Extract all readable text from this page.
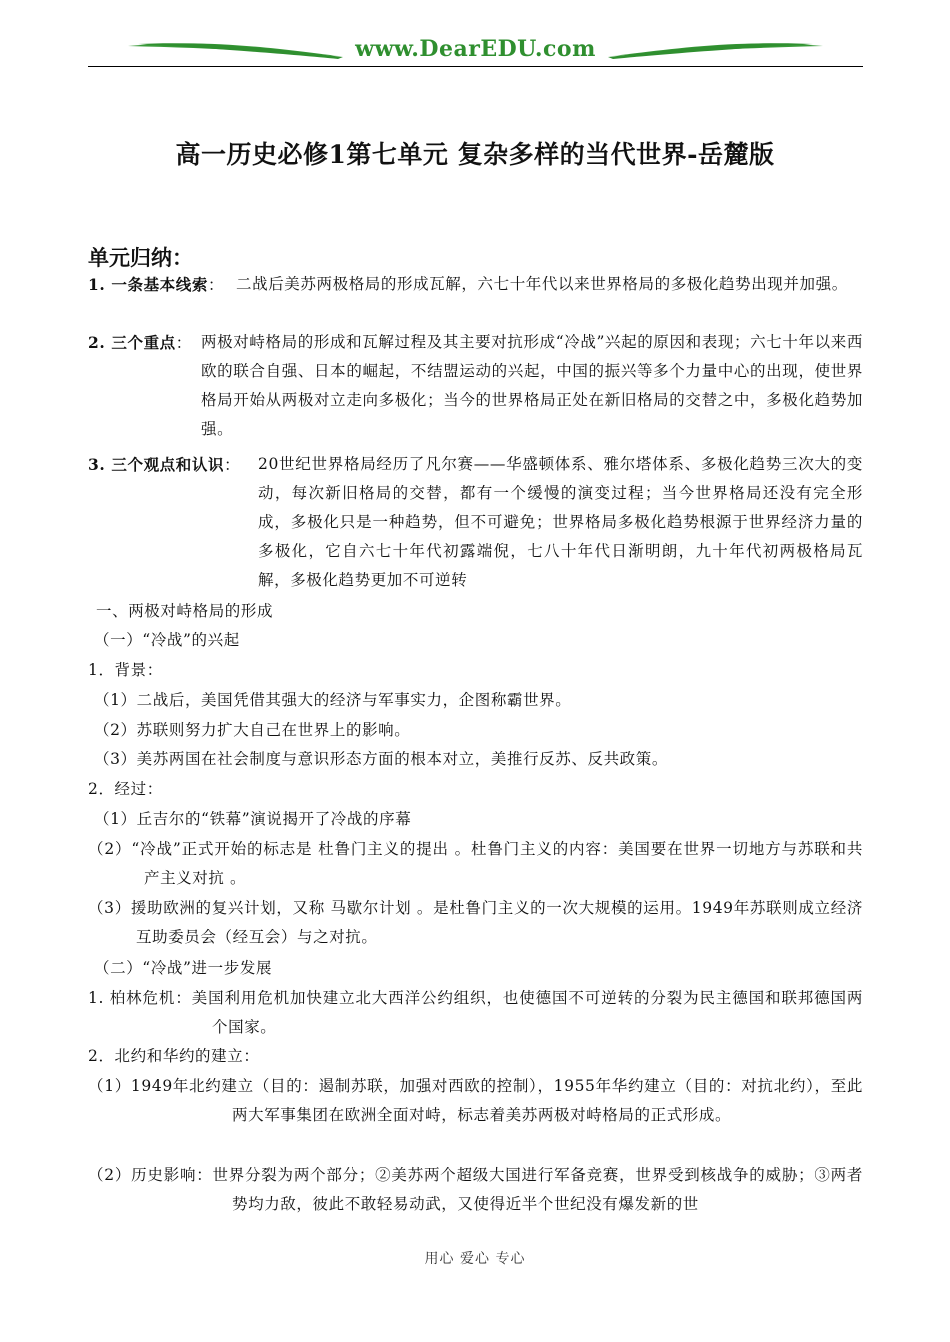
www.DearEDU.com
高一历史必修1第七单元 复杂多样的当代世界-岳麓版
单元归纳：
1. 一条基本线索： 二战后美苏两极格局的形成瓦解，六七十年代以来世界格局的多极化趋势出现并加强。
2. 三个重点： 两极对峙格局的形成和瓦解过程及其主要对抗形成“冷战”兴起的原因和表现；六七十年以来西欧的联合自强、日本的崛起，不结盟运动的兴起，中国的振兴等多个力量中心的出现，使世界格局开始从两极对立走向多极化；当今的世界格局正处在新旧格局的交替之中，多极化趋势加强。
3. 三个观点和认识： 20世纪世界格局经历了凡尔赛——华盛顿体系、雅尔塔体系、多极化趋势三次大的变动，每次新旧格局的交替，都有一个缓慢的演变过程；当今世界格局还没有完全形成，多极化只是一种趋势，但不可避免；世界格局多极化趋势根源于世界经济力量的多极化，它自六七十年代初露端倪，七八十年代日渐明朗，九十年代初两极格局瓦解，多极化趋势更加不可逆转
一、两极对峙格局的形成
（一）“冷战”的兴起
1．背景：
（1）二战后，美国凭借其强大的经济与军事实力，企图称霸世界。
（2）苏联则努力扩大自己在世界上的影响。
（3）美苏两国在社会制度与意识形态方面的根本对立，美推行反苏、反共政策。
2．经过：
（1）丘吉尔的“铁幕”演说揭开了冷战的序幕
（2）“冷战”正式开始的标志是 杜鲁门主义的提出 。杜鲁门主义的内容：美国要在世界一切地方与苏联和共产主义对抗 。
（3）援助欧洲的复兴计划，又称 马歇尔计划 。是杜鲁门主义的一次大规模的运用。1949年苏联则成立经济互助委员会（经互会）与之对抗。
（二）“冷战”进一步发展
1. 柏林危机：美国利用危机加快建立北大西洋公约组织，也使德国不可逆转的分裂为民主德国和联邦德国两个国家。
2．北约和华约的建立：
（1）1949年北约建立（目的：遏制苏联，加强对西欧的控制），1955年华约建立（目的：对抗北约），至此两大军事集团在欧洲全面对峙，标志着美苏两极对峙格局的正式形成。
（2）历史影响：世界分裂为两个部分；②美苏两个超级大国进行军备竞赛，世界受到核战争的威胁；③两者势均力敌，彼此不敢轻易动武，又使得近半个世纪没有爆发新的世
用心 爱心 专心
